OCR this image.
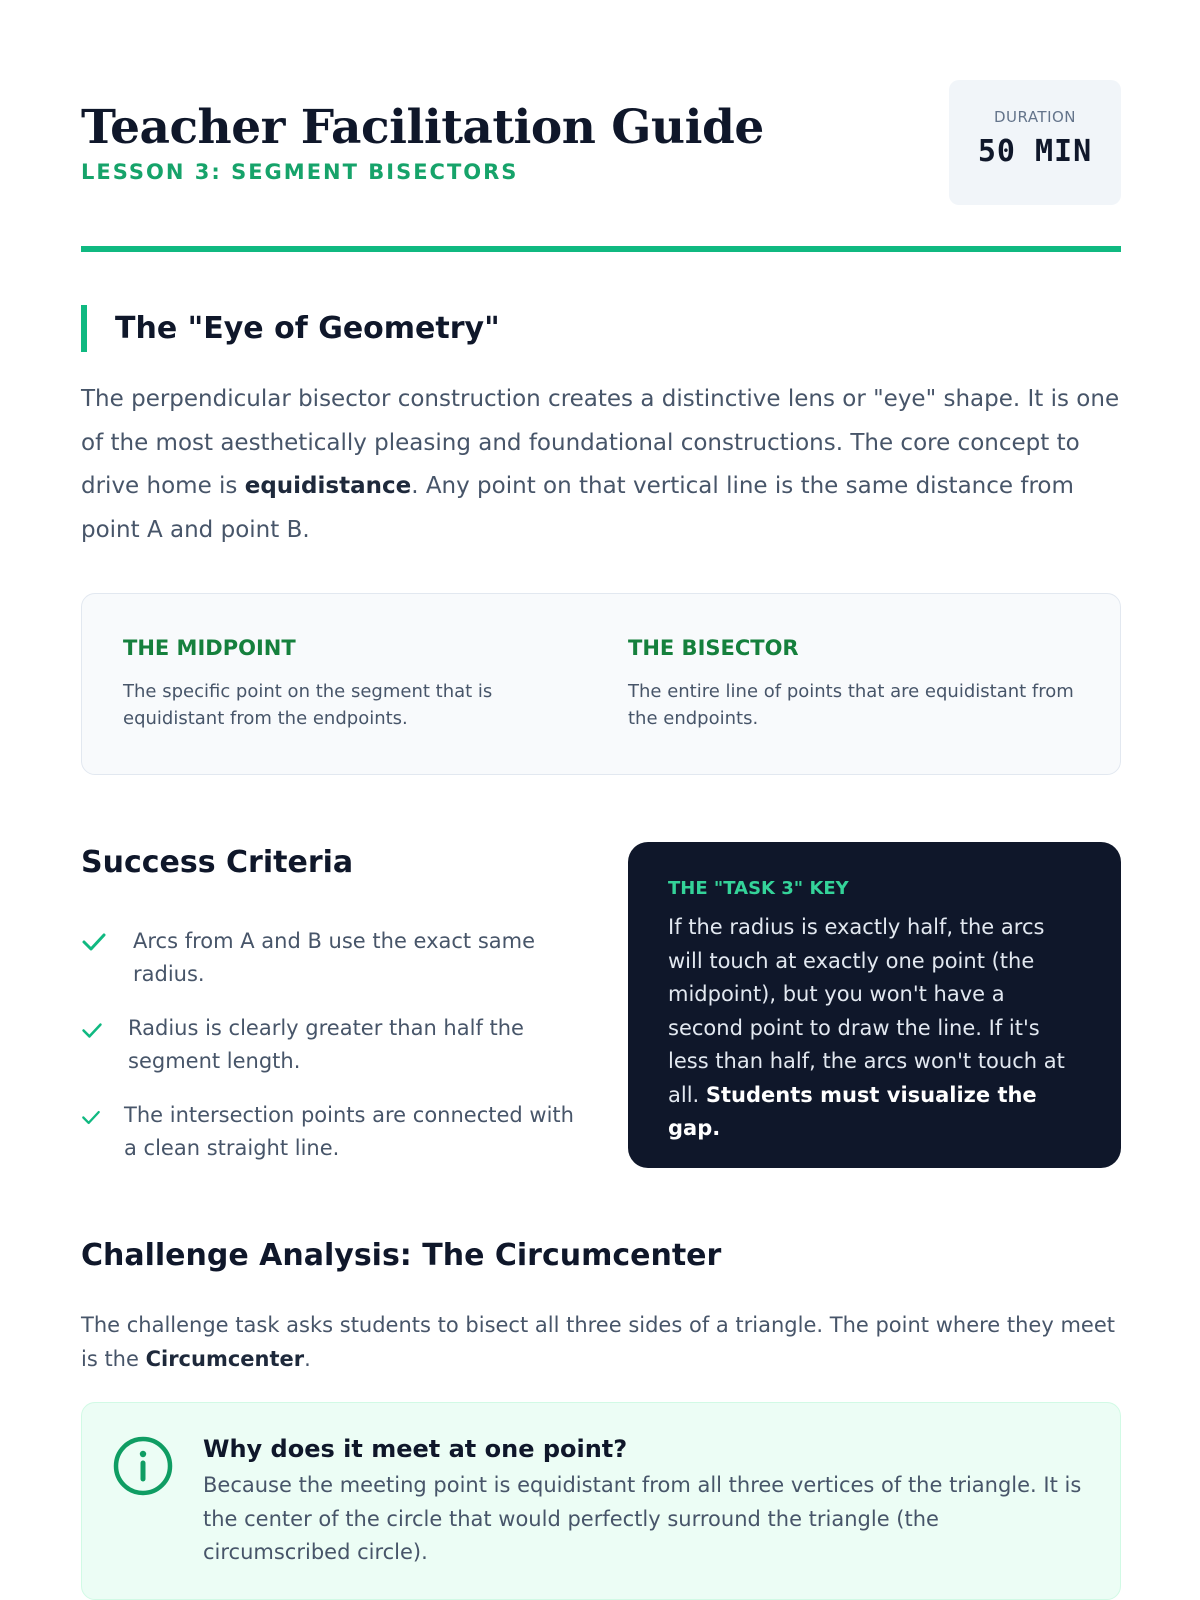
Teacher Facilitation Guide
LESSON 3: SEGMENT BISECTORS
DURATION
50 MIN
The "Eye of Geometry"

The perpendicular bisector construction creates a distinctive lens or "eye" shape. It is one of the most aesthetically pleasing and foundational constructions. The core concept to drive home is equidistance. Any point on that vertical line is the same distance from point A and point B.

THE MIDPOINT
The specific point on the segment that is equidistant from the endpoints.
THE BISECTOR
The entire line of points that are equidistant from the endpoints.
Success Criteria
Arcs from A and B use the exact same radius.
Radius is clearly greater than half the segment length.
The intersection points are connected with a clean straight line.
THE "TASK 3" KEY

If the radius is exactly half, the arcs will touch at exactly one point (the midpoint), but you won't have a second point to draw the line. If it's less than half, the arcs won't touch at all. Students must visualize the gap.

Challenge Analysis: The Circumcenter

The challenge task asks students to bisect all three sides of a triangle. The point where they meet is the Circumcenter.

Why does it meet at one point?
Because the meeting point is equidistant from all three vertices of the triangle. It is the center of the circle that would perfectly surround the triangle (the circumscribed circle).
